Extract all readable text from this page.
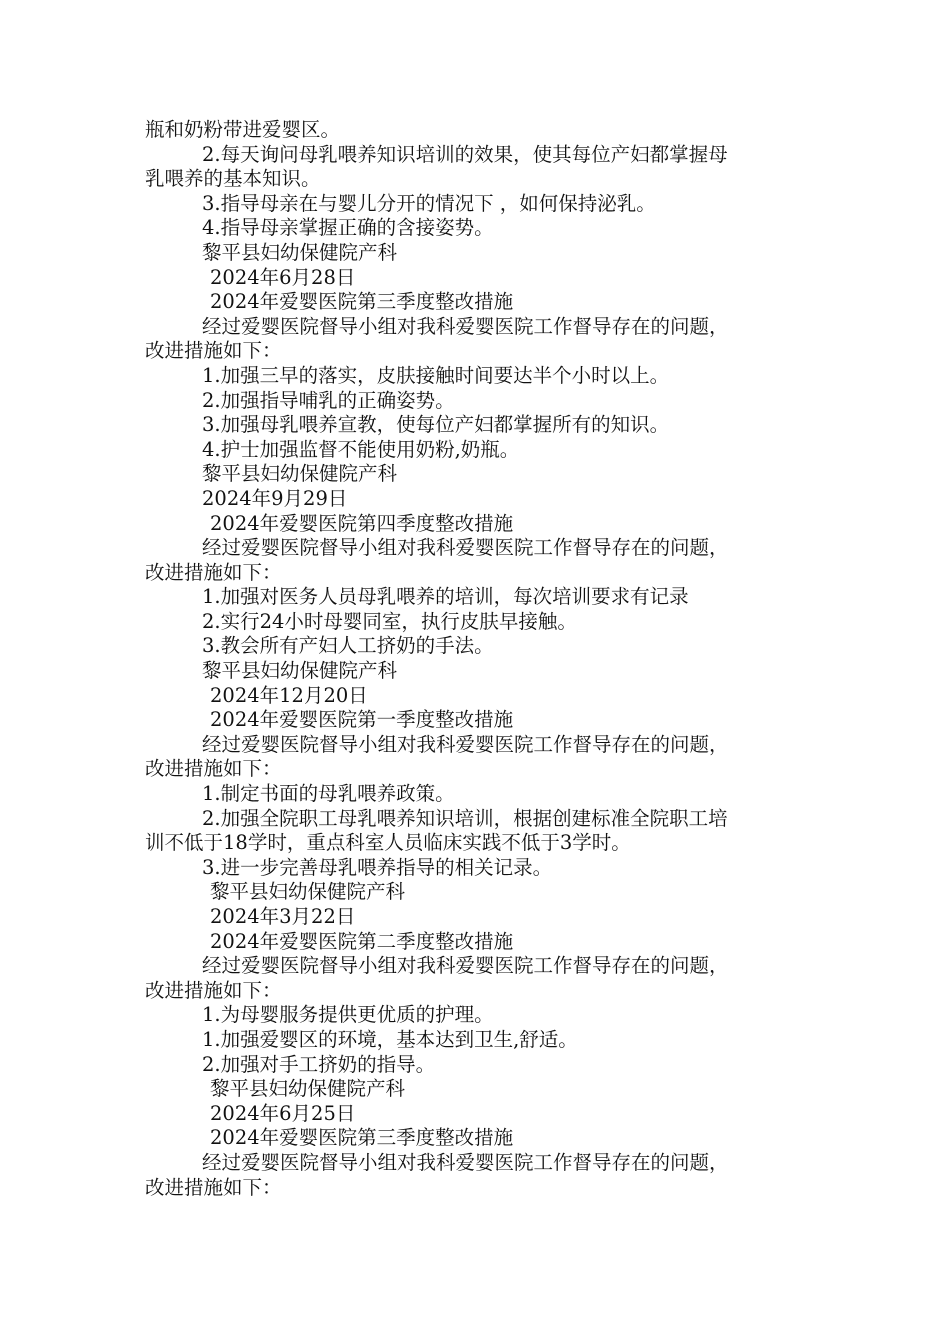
瓶和奶粉带进爱婴区。
2.每天询问母乳喂养知识培训的效果，使其每位产妇都掌握母
乳喂养的基本知识。
3.指导母亲在与婴儿分开的情况下 ，如何保持泌乳。
4.指导母亲掌握正确的含接姿势。
黎平县妇幼保健院产科
2024年6月28日
2024年爱婴医院第三季度整改措施
经过爱婴医院督导小组对我科爱婴医院工作督导存在的问题，
改进措施如下：
1.加强三早的落实，皮肤接触时间要达半个小时以上。
2.加强指导哺乳的正确姿势。
3.加强母乳喂养宣教，使每位产妇都掌握所有的知识。
4.护士加强监督不能使用奶粉,奶瓶。
黎平县妇幼保健院产科
2024年9月29日
2024年爱婴医院第四季度整改措施
经过爱婴医院督导小组对我科爱婴医院工作督导存在的问题，
改进措施如下：
1.加强对医务人员母乳喂养的培训，每次培训要求有记录
2.实行24小时母婴同室，执行皮肤早接触。
3.教会所有产妇人工挤奶的手法。
黎平县妇幼保健院产科
2024年12月20日
2024年爱婴医院第一季度整改措施
经过爱婴医院督导小组对我科爱婴医院工作督导存在的问题，
改进措施如下：
1.制定书面的母乳喂养政策。
2.加强全院职工母乳喂养知识培训，根据创建标准全院职工培
训不低于18学时，重点科室人员临床实践不低于3学时。
3.进一步完善母乳喂养指导的相关记录。
黎平县妇幼保健院产科
2024年3月22日
2024年爱婴医院第二季度整改措施
经过爱婴医院督导小组对我科爱婴医院工作督导存在的问题，
改进措施如下：
1.为母婴服务提供更优质的护理。
1.加强爱婴区的环境，基本达到卫生,舒适。
2.加强对手工挤奶的指导。
黎平县妇幼保健院产科
2024年6月25日
2024年爱婴医院第三季度整改措施
经过爱婴医院督导小组对我科爱婴医院工作督导存在的问题，
改进措施如下：
